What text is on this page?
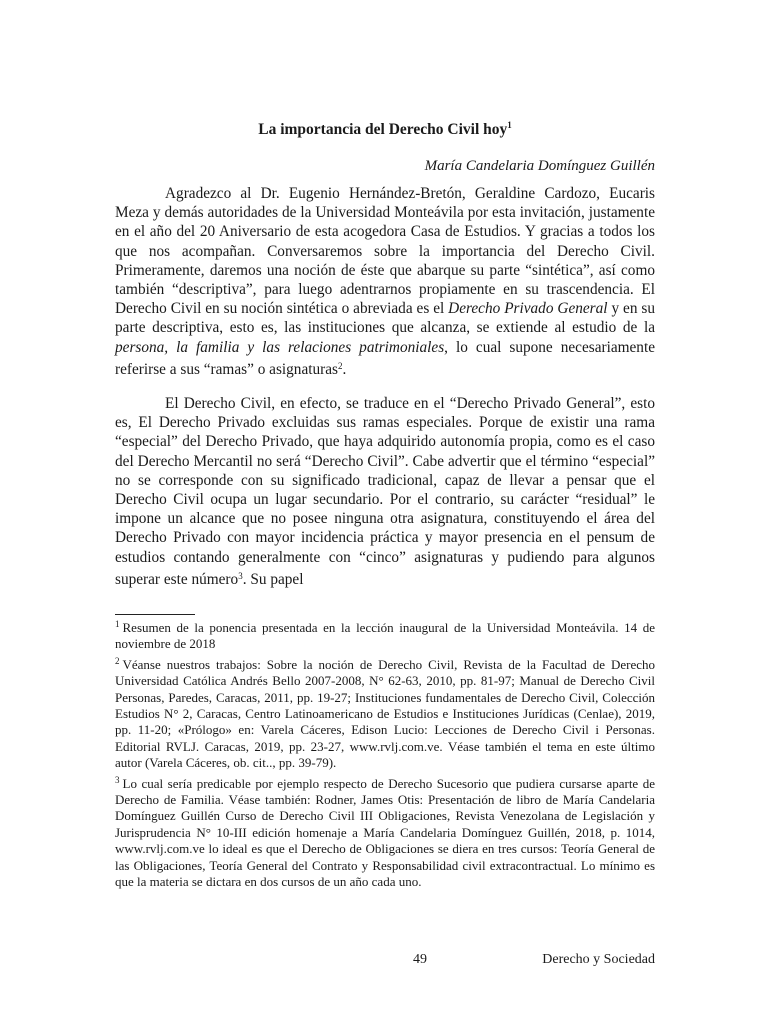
La importancia del Derecho Civil hoy$^1$
María Candelaria Domínguez Guillén

Agradezco al Dr. Eugenio Hernández-Bretón, Geraldine Cardozo, Eucaris Meza y demás autoridades de la Universidad Monteávila por esta invitación, justamente en el año del 20 Aniversario de esta acogedora Casa de Estudios. Y gracias a todos los que nos acompañan. Conversaremos sobre la importancia del Derecho Civil. Primeramente, daremos una noción de éste que abarque su parte “sintética”, así como también “descriptiva”, para luego adentrarnos propiamente en su trascendencia. El Derecho Civil en su noción sintética o abreviada es el Derecho Privado General y en su parte descriptiva, esto es, las instituciones que alcanza, se extiende al estudio de la persona, la familia y las relaciones patrimoniales, lo cual supone necesariamente referirse a sus “ramas” o asignaturas$^2$.

El Derecho Civil, en efecto, se traduce en el “Derecho Privado General”, esto es, El Derecho Privado excluidas sus ramas especiales. Porque de existir una rama “especial” del Derecho Privado, que haya adquirido autonomía propia, como es el caso del Derecho Mercantil no será “Derecho Civil”. Cabe advertir que el término “especial” no se corresponde con su significado tradicional, capaz de llevar a pensar que el Derecho Civil ocupa un lugar secundario. Por el contrario, su carácter “residual” le impone un alcance que no posee ninguna otra asignatura, constituyendo el área del Derecho Privado con mayor incidencia práctica y mayor presencia en el pensum de estudios contando generalmente con “cinco” asignaturas y pudiendo para algunos superar este número$^3$. Su papel

$^1$ Resumen de la ponencia presentada en la lección inaugural de la Universidad Monteávila. 14 de noviembre de 2018

$^2$ Véanse nuestros trabajos: Sobre la noción de Derecho Civil, Revista de la Facultad de Derecho Universidad Católica Andrés Bello 2007-2008, N° 62-63, 2010, pp. 81-97; Manual de Derecho Civil Personas, Paredes, Caracas, 2011, pp. 19-27; Instituciones fundamentales de Derecho Civil, Colección Estudios N° 2, Caracas, Centro Latinoamericano de Estudios e Instituciones Jurídicas (Cenlae), 2019, pp. 11-20; «Prólogo» en: Varela Cáceres, Edison Lucio: Lecciones de Derecho Civil i Personas. Editorial RVLJ. Caracas, 2019, pp. 23-27, www.rvlj.com.ve. Véase también el tema en este último autor (Varela Cáceres, ob. cit.., pp. 39-79).

$^3$ Lo cual sería predicable por ejemplo respecto de Derecho Sucesorio que pudiera cursarse aparte de Derecho de Familia. Véase también: Rodner, James Otis: Presentación de libro de María Candelaria Domínguez Guillén Curso de Derecho Civil III Obligaciones, Revista Venezolana de Legislación y Jurisprudencia N° 10-III edición homenaje a María Candelaria Domínguez Guillén, 2018, p. 1014, www.rvlj.com.ve lo ideal es que el Derecho de Obligaciones se diera en tres cursos: Teoría General de las Obligaciones, Teoría General del Contrato y Responsabilidad civil extracontractual. Lo mínimo es que la materia se dictara en dos cursos de un año cada uno.

49	Derecho y Sociedad
